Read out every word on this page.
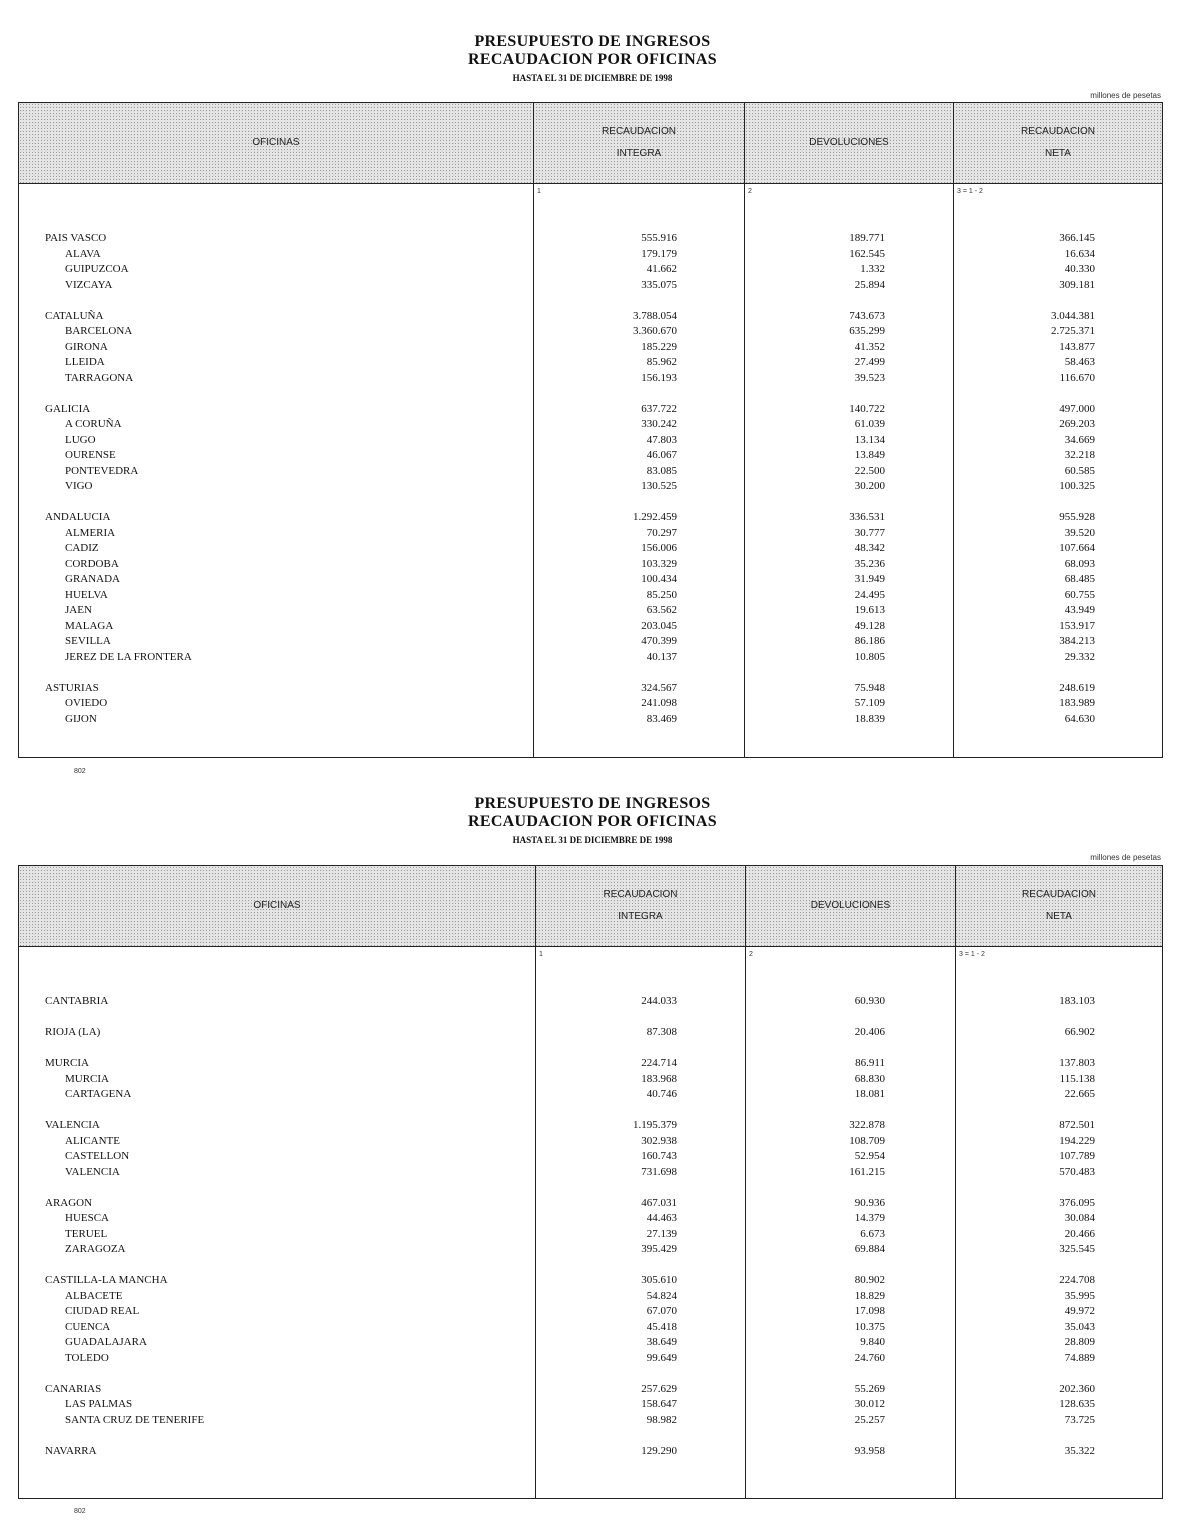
PRESUPUESTO DE INGRESOS
RECAUDACION POR OFICINAS
HASTA EL 31 DE DICIEMBRE DE 1998
millones de pesetas
OFICINAS
RECAUDACION
INTEGRA
DEVOLUCIONES
RECAUDACION
NETA
1	2	3 = 1 - 2
PAIS VASCO	555.916	189.771	366.145
ALAVA	179.179	162.545	16.634
GUIPUZCOA	41.662	1.332	40.330
VIZCAYA	335.075	25.894	309.181
CATALUÑA	3.788.054	743.673	3.044.381
BARCELONA	3.360.670	635.299	2.725.371
GIRONA	185.229	41.352	143.877
LLEIDA	85.962	27.499	58.463
TARRAGONA	156.193	39.523	116.670
GALICIA	637.722	140.722	497.000
A CORUÑA	330.242	61.039	269.203
LUGO	47.803	13.134	34.669
OURENSE	46.067	13.849	32.218
PONTEVEDRA	83.085	22.500	60.585
VIGO	130.525	30.200	100.325
ANDALUCIA	1.292.459	336.531	955.928
ALMERIA	70.297	30.777	39.520
CADIZ	156.006	48.342	107.664
CORDOBA	103.329	35.236	68.093
GRANADA	100.434	31.949	68.485
HUELVA	85.250	24.495	60.755
JAEN	63.562	19.613	43.949
MALAGA	203.045	49.128	153.917
SEVILLA	470.399	86.186	384.213
JEREZ DE LA FRONTERA	40.137	10.805	29.332
ASTURIAS	324.567	75.948	248.619
OVIEDO	241.098	57.109	183.989
GIJON	83.469	18.839	64.630
802
PRESUPUESTO DE INGRESOS
RECAUDACION POR OFICINAS
HASTA EL 31 DE DICIEMBRE DE 1998
millones de pesetas
OFICINAS
RECAUDACION
INTEGRA
DEVOLUCIONES
RECAUDACION
NETA
1	2	3 = 1 - 2
CANTABRIA	244.033	60.930	183.103
RIOJA (LA)	87.308	20.406	66.902
MURCIA	224.714	86.911	137.803
MURCIA	183.968	68.830	115.138
CARTAGENA	40.746	18.081	22.665
VALENCIA	1.195.379	322.878	872.501
ALICANTE	302.938	108.709	194.229
CASTELLON	160.743	52.954	107.789
VALENCIA	731.698	161.215	570.483
ARAGON	467.031	90.936	376.095
HUESCA	44.463	14.379	30.084
TERUEL	27.139	6.673	20.466
ZARAGOZA	395.429	69.884	325.545
CASTILLA-LA MANCHA	305.610	80.902	224.708
ALBACETE	54.824	18.829	35.995
CIUDAD REAL	67.070	17.098	49.972
CUENCA	45.418	10.375	35.043
GUADALAJARA	38.649	9.840	28.809
TOLEDO	99.649	24.760	74.889
CANARIAS	257.629	55.269	202.360
LAS PALMAS	158.647	30.012	128.635
SANTA CRUZ DE TENERIFE	98.982	25.257	73.725
NAVARRA	129.290	93.958	35.322
802
